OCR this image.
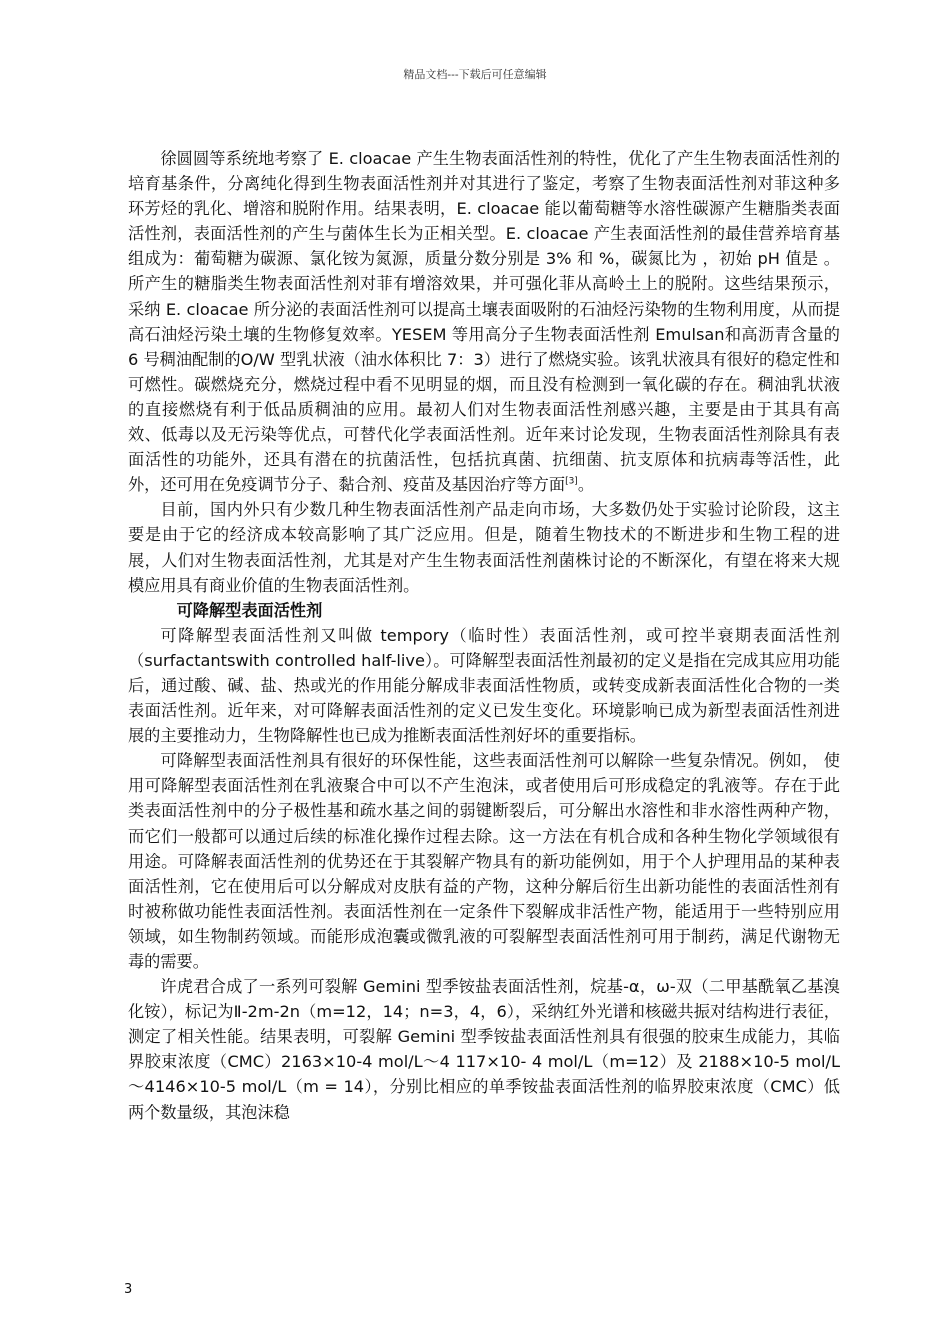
精品文档---下载后可任意编辑

徐圆圆等系统地考察了 E. cloacae 产生生物表面活性剂的特性，优化了产生生物表面活性剂的培育基条件，分离纯化得到生物表面活性剂并对其进行了鉴定，考察了生物表面活性剂对菲这种多环芳烃的乳化、增溶和脱附作用。结果表明，E. cloacae 能以葡萄糖等水溶性碳源产生糖脂类表面活性剂，表面活性剂的产生与菌体生长为正相关型。E. cloacae 产生表面活性剂的最佳营养培育基组成为：葡萄糖为碳源、氯化铵为氮源，质量分数分别是 3% 和 %，碳氮比为 ，初始 pH 值是 。所产生的糖脂类生物表面活性剂对菲有增溶效果，并可强化菲从高岭土上的脱附。这些结果预示，采纳 E. cloacae 所分泌的表面活性剂可以提高土壤表面吸附的石油烃污染物的生物利用度，从而提高石油烃污染土壤的生物修复效率。YESEM 等用高分子生物表面活性剂 Emulsan和高沥青含量的 6 号稠油配制的O/W 型乳状液（油水体积比 7：3）进行了燃烧实验。该乳状液具有很好的稳定性和可燃性。碳燃烧充分，燃烧过程中看不见明显的烟，而且没有检测到一氧化碳的存在。稠油乳状液的直接燃烧有利于低品质稠油的应用。最初人们对生物表面活性剂感兴趣，主要是由于其具有高效、低毒以及无污染等优点，可替代化学表面活性剂。近年来讨论发现，生物表面活性剂除具有表面活性的功能外，还具有潜在的抗菌活性，包括抗真菌、抗细菌、抗支原体和抗病毒等活性，此外，还可用在免疫调节分子、黏合剂、疫苗及基因治疗等方面[3]。

目前，国内外只有少数几种生物表面活性剂产品走向市场，大多数仍处于实验讨论阶段，这主要是由于它的经济成本较高影响了其广泛应用。但是，随着生物技术的不断进步和生物工程的进展，人们对生物表面活性剂，尤其是对产生生物表面活性剂菌株讨论的不断深化，有望在将来大规模应用具有商业价值的生物表面活性剂。

可降解型表面活性剂

可降解型表面活性剂又叫做 tempory（临时性）表面活性剂，或可控半衰期表面活性剂（surfactantswith controlled half-live）。可降解型表面活性剂最初的定义是指在完成其应用功能后，通过酸、碱、盐、热或光的作用能分解成非表面活性物质，或转变成新表面活性化合物的一类表面活性剂。近年来，对可降解表面活性剂的定义已发生变化。环境影响已成为新型表面活性剂进展的主要推动力，生物降解性也已成为推断表面活性剂好坏的重要指标。

可降解型表面活性剂具有很好的环保性能，这些表面活性剂可以解除一些复杂情况。例如， 使用可降解型表面活性剂在乳液聚合中可以不产生泡沫，或者使用后可形成稳定的乳液等。存在于此类表面活性剂中的分子极性基和疏水基之间的弱键断裂后，可分解出水溶性和非水溶性两种产物，而它们一般都可以通过后续的标准化操作过程去除。这一方法在有机合成和各种生物化学领域很有用途。可降解表面活性剂的优势还在于其裂解产物具有的新功能例如，用于个人护理用品的某种表面活性剂，它在使用后可以分解成对皮肤有益的产物，这种分解后衍生出新功能性的表面活性剂有时被称做功能性表面活性剂。表面活性剂在一定条件下裂解成非活性产物，能适用于一些特别应用领域，如生物制药领域。而能形成泡囊或微乳液的可裂解型表面活性剂可用于制药，满足代谢物无毒的需要。

许虎君合成了一系列可裂解 Gemini 型季铵盐表面活性剂，烷基-α，ω-双（二甲基酰氧乙基溴化铵），标记为Ⅱ-2m-2n（m=12，14；n=3，4，6），采纳红外光谱和核磁共振对结构进行表征，测定了相关性能。结果表明，可裂解 Gemini 型季铵盐表面活性剂具有很强的胶束生成能力，其临界胶束浓度（CMC）2163×10-4 mol/L～4 117×10- 4 mol/L（m=12）及 2188×10-5 mol/L～4146×10-5 mol/L（m = 14），分别比相应的单季铵盐表面活性剂的临界胶束浓度（CMC）低两个数量级，其泡沫稳

3
